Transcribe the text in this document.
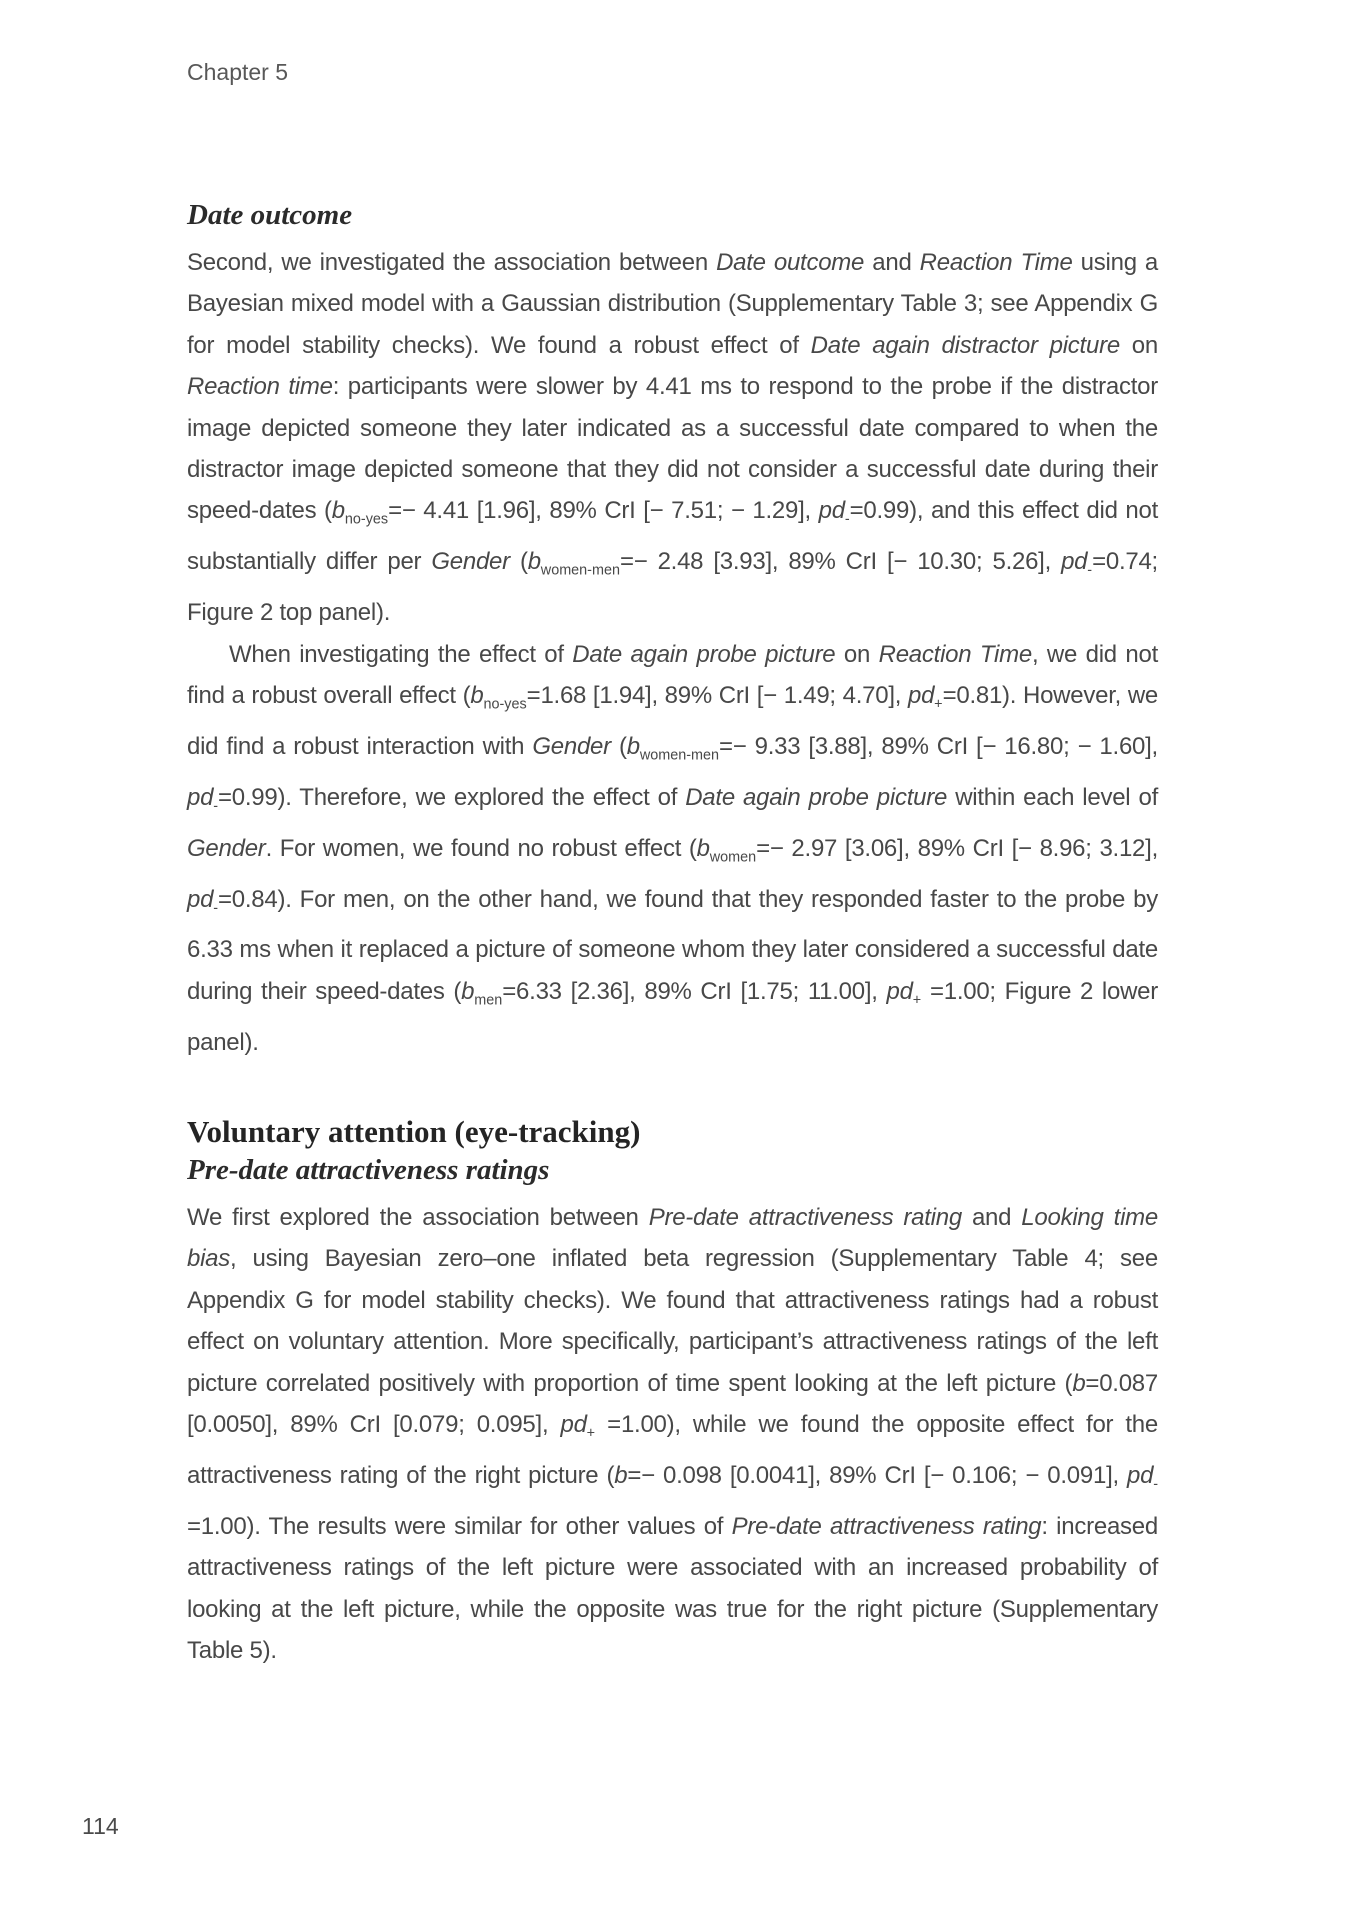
Chapter 5
Date outcome

Second, we investigated the association between Date outcome and Reaction Time using a Bayesian mixed model with a Gaussian distribution (Supplementary Table 3; see Appendix G for model stability checks). We found a robust effect of Date again distractor picture on Reaction time: participants were slower by 4.41 ms to respond to the probe if the distractor image depicted someone they later indicated as a successful date compared to when the distractor image depicted someone that they did not consider a successful date during their speed-dates ($b_{no-yes}=- 4.41$ [1.96], 89% CrI [− 7.51; − 1.29], $pd_-=0.99$), and this effect did not substantially differ per Gender ($b_{women-men}=- 2.48$ [3.93], 89% CrI [− 10.30; 5.26], $pd_-=0.74$; Figure 2 top panel).

When investigating the effect of Date again probe picture on Reaction Time, we did not find a robust overall effect ($b_{no-yes}=1.68$ [1.94], 89% CrI [− 1.49; 4.70], $pd_+=0.81$). However, we did find a robust interaction with Gender ($b_{women-men}=- 9.33$ [3.88], 89% CrI [− 16.80; − 1.60], $pd_-=0.99$). Therefore, we explored the effect of Date again probe picture within each level of Gender. For women, we found no robust effect ($b_{women}=- 2.97$ [3.06], 89% CrI [− 8.96; 3.12], $pd_-=0.84$). For men, on the other hand, we found that they responded faster to the probe by 6.33 ms when it replaced a picture of someone whom they later considered a successful date during their speed-dates ($b_{men}=6.33$ [2.36], 89% CrI [1.75; 11.00], $pd_+ =1.00$; Figure 2 lower panel).

Voluntary attention (eye-tracking)
Pre-date attractiveness ratings

We first explored the association between Pre-date attractiveness rating and Looking time bias, using Bayesian zero–one inflated beta regression (Supplementary Table 4; see Appendix G for model stability checks). We found that attractiveness ratings had a robust effect on voluntary attention. More specifically, participant’s attractiveness ratings of the left picture correlated positively with proportion of time spent looking at the left picture (b=0.087 [0.0050], 89% CrI [0.079; 0.095], $pd_+ =1.00$), while we found the opposite effect for the attractiveness rating of the right picture (b=− 0.098 [0.0041], 89% CrI [− 0.106; − 0.091], $pd_-=1.00$). The results were similar for other values of Pre-date attractiveness rating: increased attractiveness ratings of the left picture were associated with an increased probability of looking at the left picture, while the opposite was true for the right picture (Supplementary Table 5).

114
